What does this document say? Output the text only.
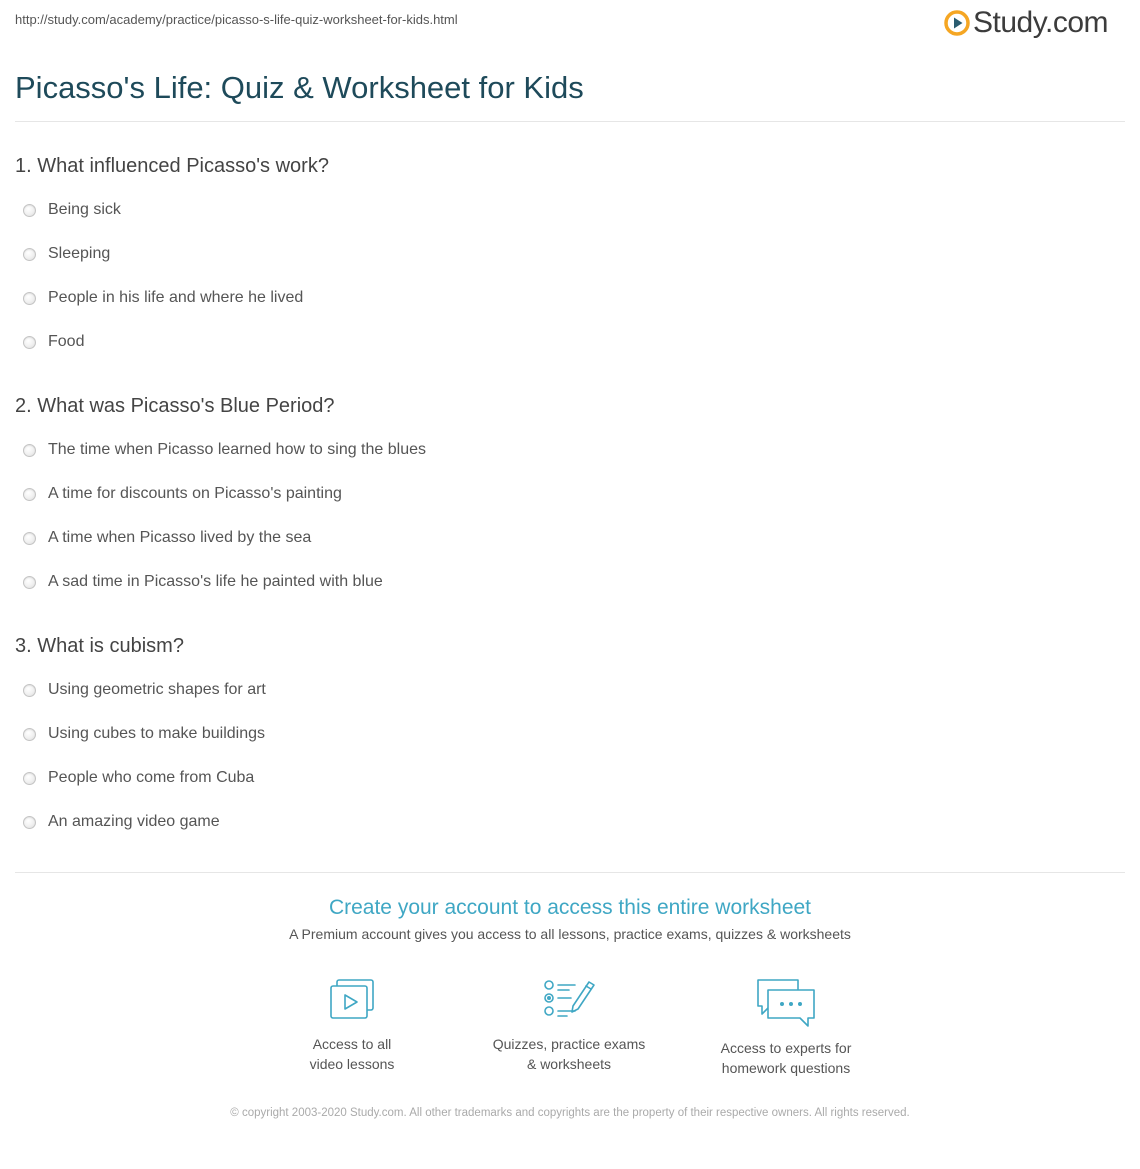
http://study.com/academy/practice/picasso-s-life-quiz-worksheet-for-kids.html	Study.com
Picasso's Life: Quiz & Worksheet for Kids
1. What influenced Picasso's work?
Being sick
Sleeping
People in his life and where he lived
Food
2. What was Picasso's Blue Period?
The time when Picasso learned how to sing the blues
A time for discounts on Picasso's painting
A time when Picasso lived by the sea
A sad time in Picasso's life he painted with blue
3. What is cubism?
Using geometric shapes for art
Using cubes to make buildings
People who come from Cuba
An amazing video game
Create your account to access this entire worksheet
A Premium account gives you access to all lessons, practice exams, quizzes & worksheets
Access to all
video lessons
Quizzes, practice exams
& worksheets
Access to experts for
homework questions
© copyright 2003-2020 Study.com. All other trademarks and copyrights are the property of their respective owners. All rights reserved.
